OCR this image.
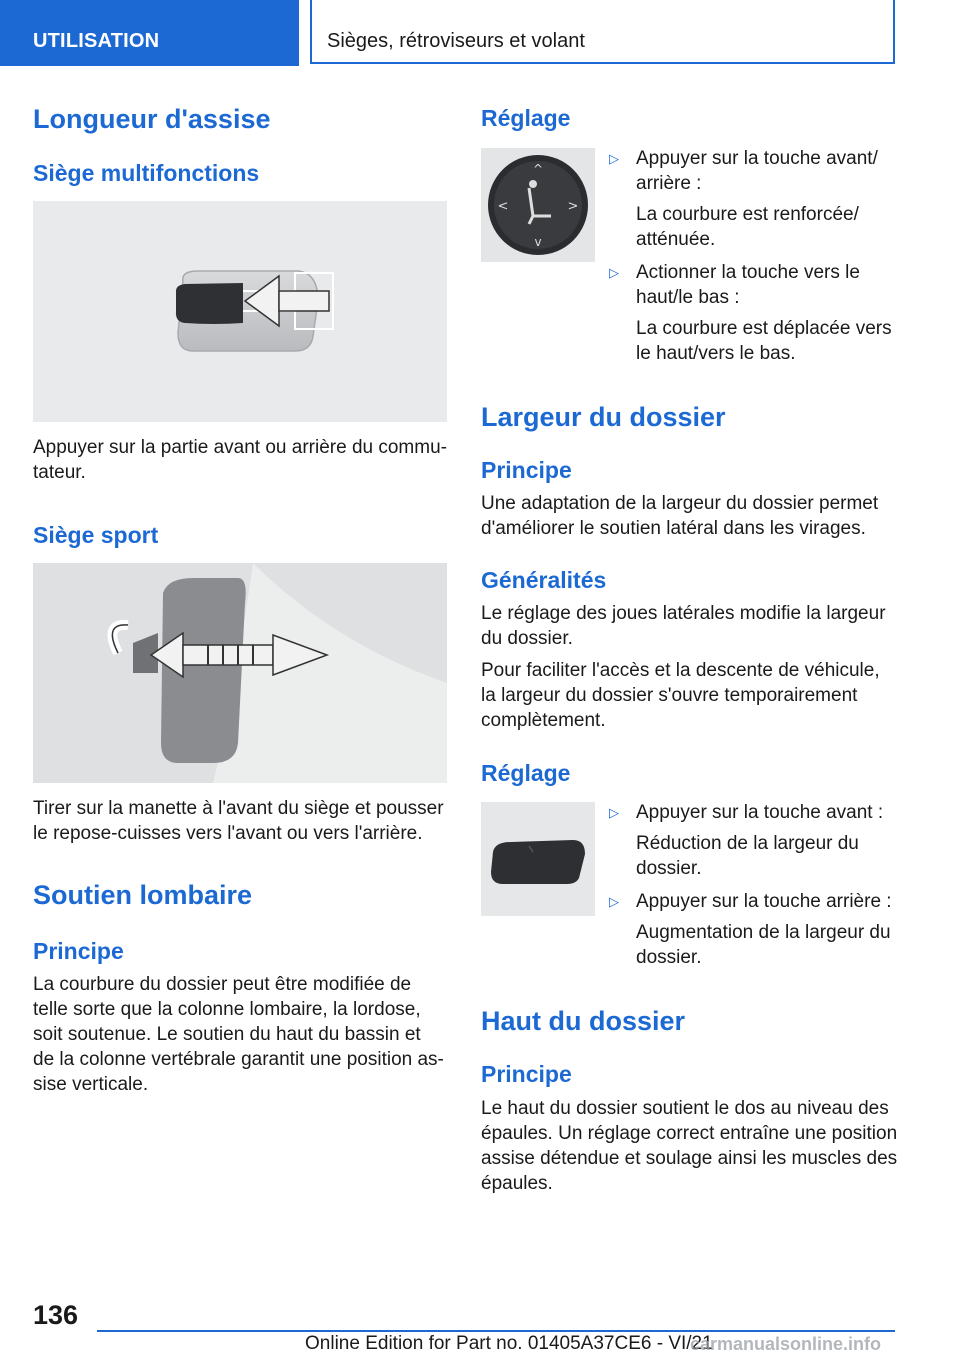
UTILISATION	Sièges, rétroviseurs et volant
Longueur d'assise
Siège multifonctions

Appuyer sur la partie avant ou arrière du commu-

tateur.

Siège sport

Tirer sur la manette à l'avant du siège et pousser

le repose-cuisses vers l'avant ou vers l'arrière.

Soutien lombaire
Principe

La courbure du dossier peut être modifiée de

telle sorte que la colonne lombaire, la lordose,

soit soutenue. Le soutien du haut du bassin et

de la colonne vertébrale garantit une position as-

sise verticale.

Réglage
^
v
<	>
▷ Appuyer sur la touche avant/
arrière :
La courbure est renforcée/
atténuée.
▷ Actionner la touche vers le
haut/le bas :
La courbure est déplacée vers
le haut/vers le bas.
Largeur du dossier
Principe

Une adaptation de la largeur du dossier permet

d'améliorer le soutien latéral dans les virages.

Généralités

Le réglage des joues latérales modifie la largeur

du dossier.

Pour faciliter l'accès et la descente de véhicule,

la largeur du dossier s'ouvre temporairement

complètement.

Réglage
▷ Appuyer sur la touche avant :
Réduction de la largeur du
dossier.
▷ Appuyer sur la touche arrière :
Augmentation de la largeur du
dossier.
Haut du dossier
Principe

Le haut du dossier soutient le dos au niveau des

épaules. Un réglage correct entraîne une position

assise détendue et soulage ainsi les muscles des

épaules.

136
Online Edition for Part no. 01405A37CE6 - VI/21
carmanualsonline.info
